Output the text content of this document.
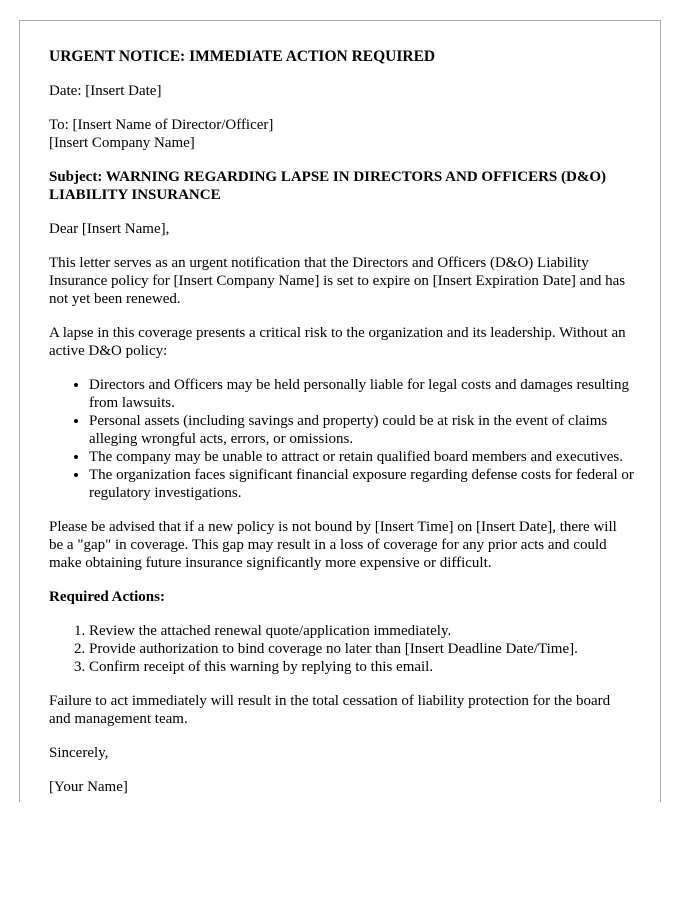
URGENT NOTICE: IMMEDIATE ACTION REQUIRED

Date: [Insert Date]

To: [Insert Name of Director/Officer]
[Insert Company Name]

Subject: WARNING REGARDING LAPSE IN DIRECTORS AND OFFICERS (D&O) LIABILITY INSURANCE

Dear [Insert Name],

This letter serves as an urgent notification that the Directors and Officers (D&O) Liability Insurance policy for [Insert Company Name] is set to expire on [Insert Expiration Date] and has not yet been renewed.

A lapse in this coverage presents a critical risk to the organization and its leadership. Without an active D&O policy:

• Directors and Officers may be held personally liable for legal costs and damages resulting from lawsuits.
• Personal assets (including savings and property) could be at risk in the event of claims alleging wrongful acts, errors, or omissions.
• The company may be unable to attract or retain qualified board members and executives.
• The organization faces significant financial exposure regarding defense costs for federal or regulatory investigations.

Please be advised that if a new policy is not bound by [Insert Time] on [Insert Date], there will be a "gap" in coverage. This gap may result in a loss of coverage for any prior acts and could make obtaining future insurance significantly more expensive or difficult.

Required Actions:

1. Review the attached renewal quote/application immediately.
2. Provide authorization to bind coverage no later than [Insert Deadline Date/Time].
3. Confirm receipt of this warning by replying to this email.

Failure to act immediately will result in the total cessation of liability protection for the board and management team.

Sincerely,

[Your Name]
